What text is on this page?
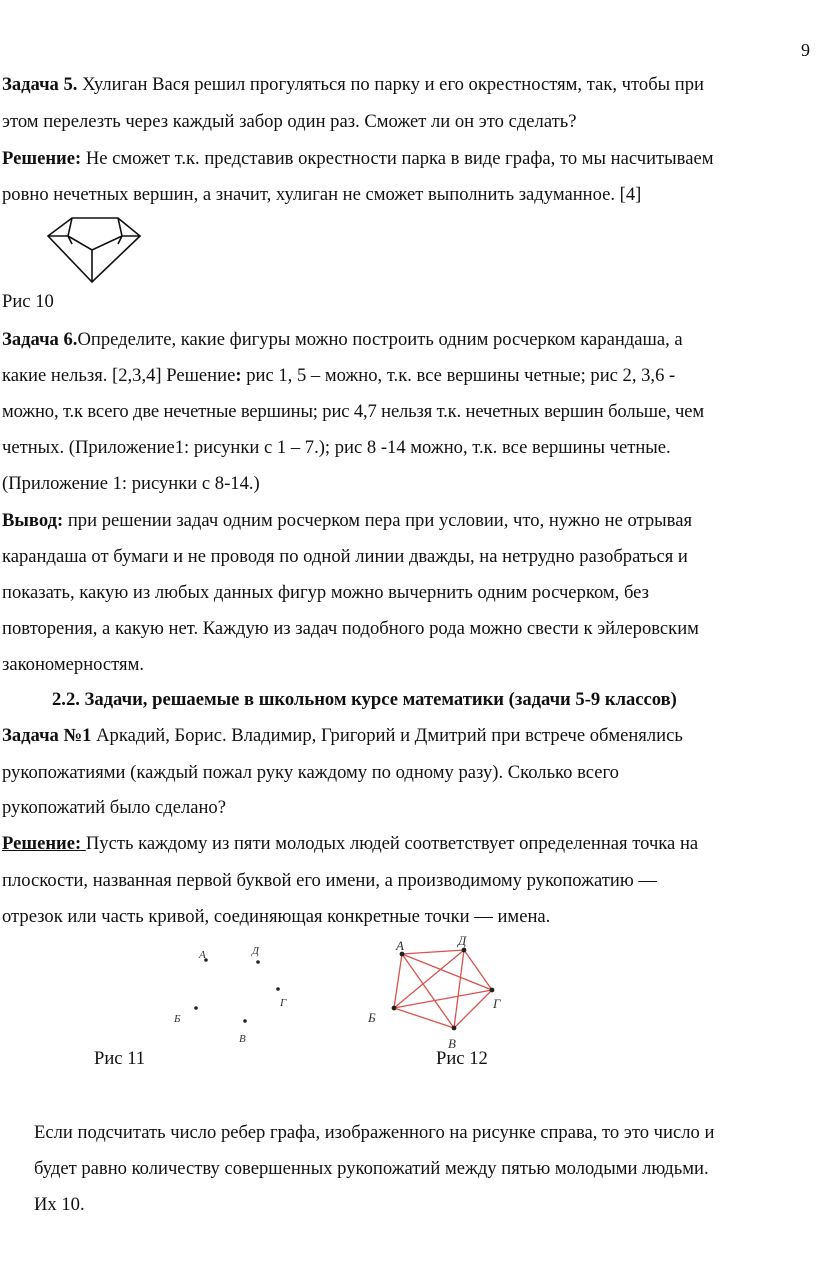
9
Задача 5. Хулиган Вася решил прогуляться по парку и его окрестностям, так, чтобы при
этом перелезть через каждый забор один раз. Сможет ли он это сделать?
Решение: Не сможет т.к. представив окрестности парка в виде графа, то мы насчитываем
ровно нечетных вершин, а значит, хулиган не сможет выполнить задуманное. [4]
Рис 10
Задача 6.Определите, какие фигуры можно построить одним росчерком карандаша, а
какие нельзя. [2,3,4] Решение: рис 1, 5 – можно, т.к. все вершины четные; рис 2, 3,6 -
можно, т.к всего две нечетные вершины; рис 4,7 нельзя т.к. нечетных вершин больше, чем
четных. (Приложение1: рисунки с 1 – 7.); рис 8 -14 можно, т.к. все вершины четные.
(Приложение 1: рисунки с 8-14.)
Вывод: при решении задач одним росчерком пера при условии, что, нужно не отрывая
карандаша от бумаги и не проводя по одной линии дважды, на нетрудно разобраться и
показать, какую из любых данных фигур можно вычернить одним росчерком, без
повторения, а какую нет. Каждую из задач подобного рода можно свести к эйлеровским
закономерностям.
2.2. Задачи, решаемые в школьном курсе математики (задачи 5-9 классов)
Задача №1 Аркадий, Борис. Владимир, Григорий и Дмитрий при встрече обменялись
рукопожатиями (каждый пожал руку каждому по одному разу). Сколько всего
рукопожатий было сделано?
Решение: Пусть каждому из пяти молодых людей соответствует определенная точка на
плоскости, названная первой буквой его имени, а производимому рукопожатию —
отрезок или часть кривой, соединяющая конкретные точки — имена.
А	Д
Г
В
Б
А	Д
Г
В
Б
Рис 11	Рис 12
Если подсчитать число ребер графа, изображенного на рисунке справа, то это число и
будет равно количеству совершенных рукопожатий между пятью молодыми людьми.
Их 10.
